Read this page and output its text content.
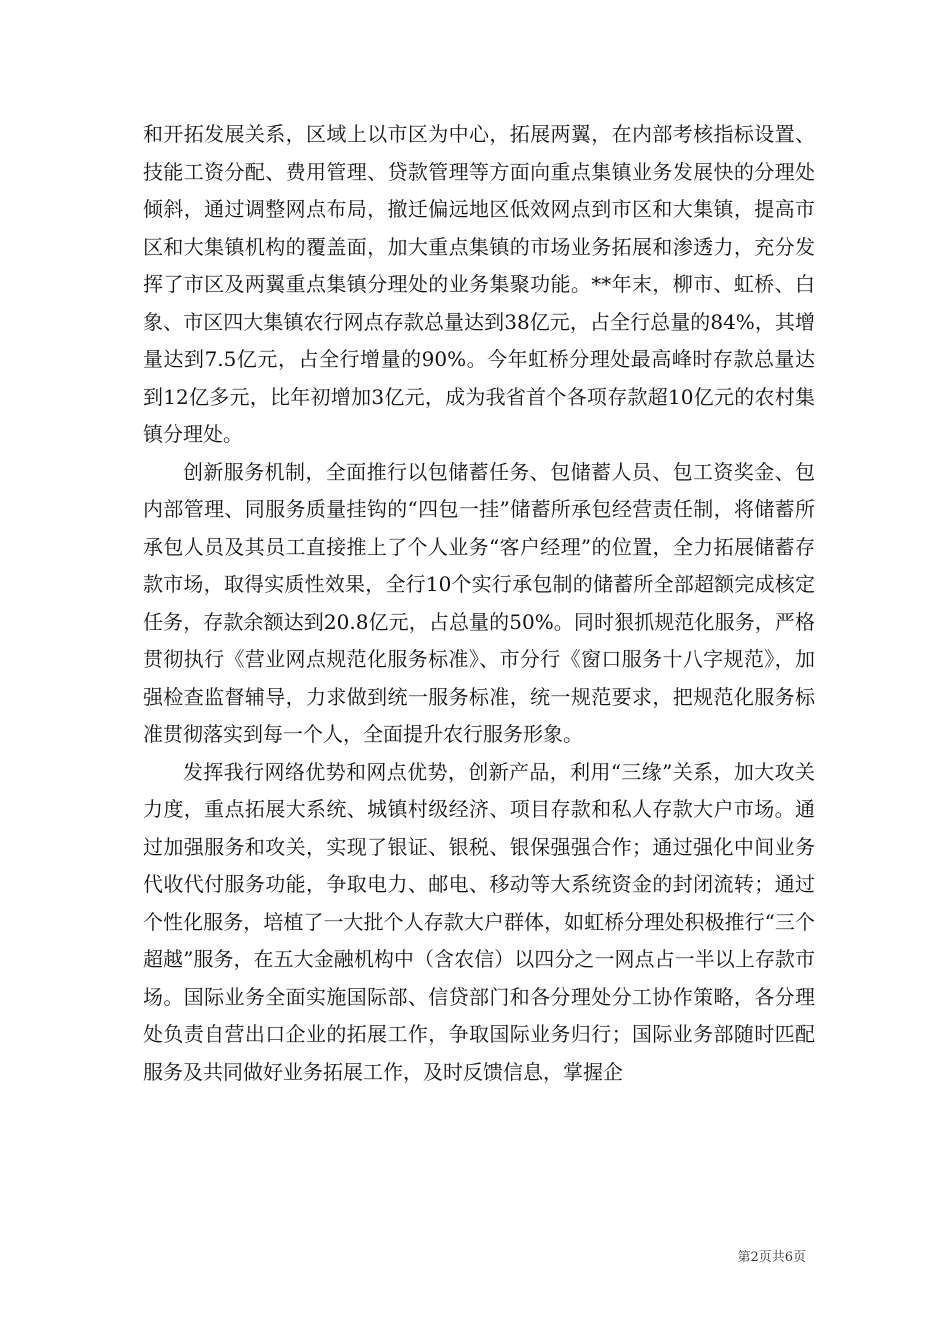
和开拓发展关系，区域上以市区为中心，拓展两翼，在内部考核指标设置、技能工资分配、费用管理、贷款管理等方面向重点集镇业务发展快的分理处倾斜，通过调整网点布局，撤迁偏远地区低效网点到市区和大集镇，提高市区和大集镇机构的覆盖面，加大重点集镇的市场业务拓展和渗透力，充分发挥了市区及两翼重点集镇分理处的业务集聚功能。**年末，柳市、虹桥、白象、市区四大集镇农行网点存款总量达到38亿元，占全行总量的84%，其增量达到7.5亿元，占全行增量的90%。今年虹桥分理处最高峰时存款总量达到12亿多元，比年初增加3亿元，成为我省首个各项存款超10亿元的农村集镇分理处。

创新服务机制，全面推行以包储蓄任务、包储蓄人员、包工资奖金、包内部管理、同服务质量挂钩的“四包一挂”储蓄所承包经营责任制，将储蓄所承包人员及其员工直接推上了个人业务“客户经理”的位置，全力拓展储蓄存款市场，取得实质性效果，全行10个实行承包制的储蓄所全部超额完成核定任务，存款余额达到20.8亿元，占总量的50%。同时狠抓规范化服务，严格贯彻执行《营业网点规范化服务标准》、市分行《窗口服务十八字规范》，加强检查监督辅导，力求做到统一服务标准，统一规范要求，把规范化服务标准贯彻落实到每一个人，全面提升农行服务形象。

发挥我行网络优势和网点优势，创新产品，利用“三缘”关系，加大攻关力度，重点拓展大系统、城镇村级经济、项目存款和私人存款大户市场。通过加强服务和攻关，实现了银证、银税、银保强强合作；通过强化中间业务代收代付服务功能，争取电力、邮电、移动等大系统资金的封闭流转；通过个性化服务，培植了一大批个人存款大户群体，如虹桥分理处积极推行“三个超越”服务，在五大金融机构中（含农信）以四分之一网点占一半以上存款市场。国际业务全面实施国际部、信贷部门和各分理处分工协作策略，各分理处负责自营出口企业的拓展工作，争取国际业务归行；国际业务部随时匹配服务及共同做好业务拓展工作，及时反馈信息，掌握企

第2页共6页
